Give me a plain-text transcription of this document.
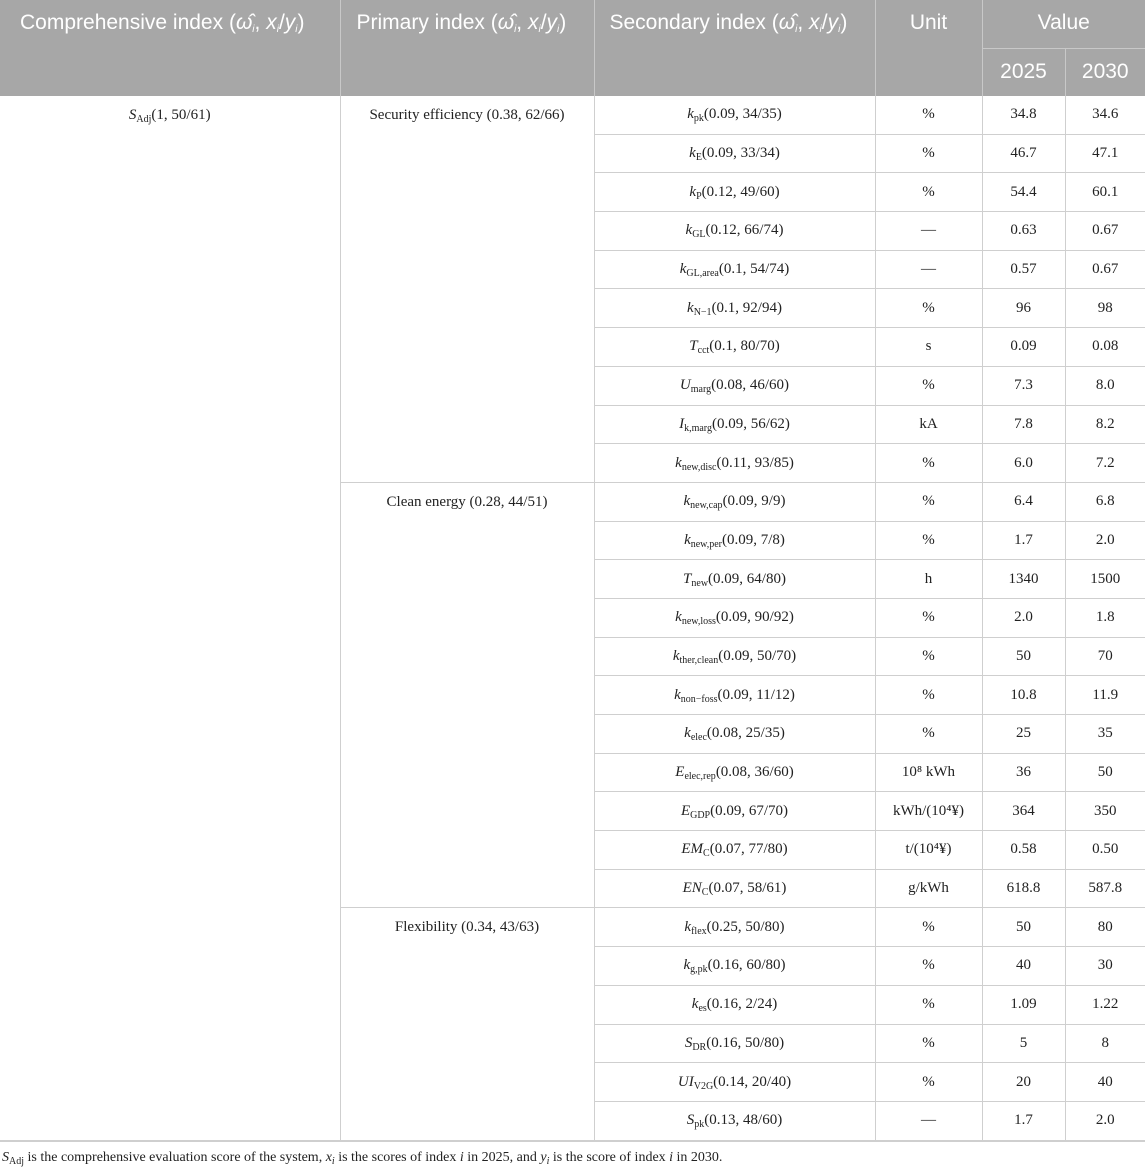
Comprehensive index ($\omegâ_i$, $x_i/y_i$)	Primary index ($\omegâ_i$, $x_i/y_i$)	Secondary index ($\omegâ_i$, $x_i/y_i$)	Unit	Value	
				2025	2030
$S_{Adj}(1$, 50/61)	Security efficiency (0.38, 62/66)	$k_{pk}(0.09$, 34/35)	%	34.8	34.6
		$k_E(0.09$, 33/34)	%	46.7	47.1
		$k_P(0.12$, 49/60)	%	54.4	60.1
		$k_{GL}(0.12$, 66/74)	—	0.63	0.67
		$k_{GL,area}(0.1$, 54/74)	—	0.57	0.67
		$k_{N-1}(0.1$, 92/94)	%	96	98
		$T_{cct}(0.1$, 80/70)	s	0.09	0.08
		$U_{marg}(0.08$, 46/60)	%	7.3	8.0
		$I_{k,marg}(0.09$, 56/62)	kA	7.8	8.2
		$k_{new,disc}(0.11$, 93/85)	%	6.0	7.2
	Clean energy (0.28, 44/51)	$k_{new,cap}(0.09$, 9/9)	%	6.4	6.8
		$k_{new,per}(0.09$, 7/8)	%	1.7	2.0
		$T_{new}(0.09$, 64/80)	h	1340	1500
		$k_{new,loss}(0.09$, 90/92)	%	2.0	1.8
		$k_{ther,clean}(0.09$, 50/70)	%	50	70
		$k_{non-foss}(0.09$, 11/12)	%	10.8	11.9
		$k_{elec}(0.08$, 25/35)	%	25	35
		$E_{elec,rep}(0.08$, 36/60)	10⁸ kWh	36	50
		$E_{GDP}(0.09$, 67/70)	kWh/(10⁴¥)	364	350
		$EM_C(0.07$, 77/80)	t/(10⁴¥)	0.58	0.50
		$EN_C(0.07$, 58/61)	g/kWh	618.8	587.8
	Flexibility (0.34, 43/63)	$k_{flex}(0.25$, 50/80)	%	50	80
		$k_{g,pk}(0.16$, 60/80)	%	40	30
		$k_{es}(0.16$, 2/24)	%	1.09	1.22
		$S_{DR}(0.16$, 50/80)	%	5	8
		$UI_{V2G}(0.14$, 20/40)	%	20	40
		$S_{pk}(0.13$, 48/60)	—	1.7	2.0
$S_{Adj}$ is the comprehensive evaluation score of the system, $x_i$ is the scores of index i in 2025, and $y_i$ is the score of index i in 2030.
